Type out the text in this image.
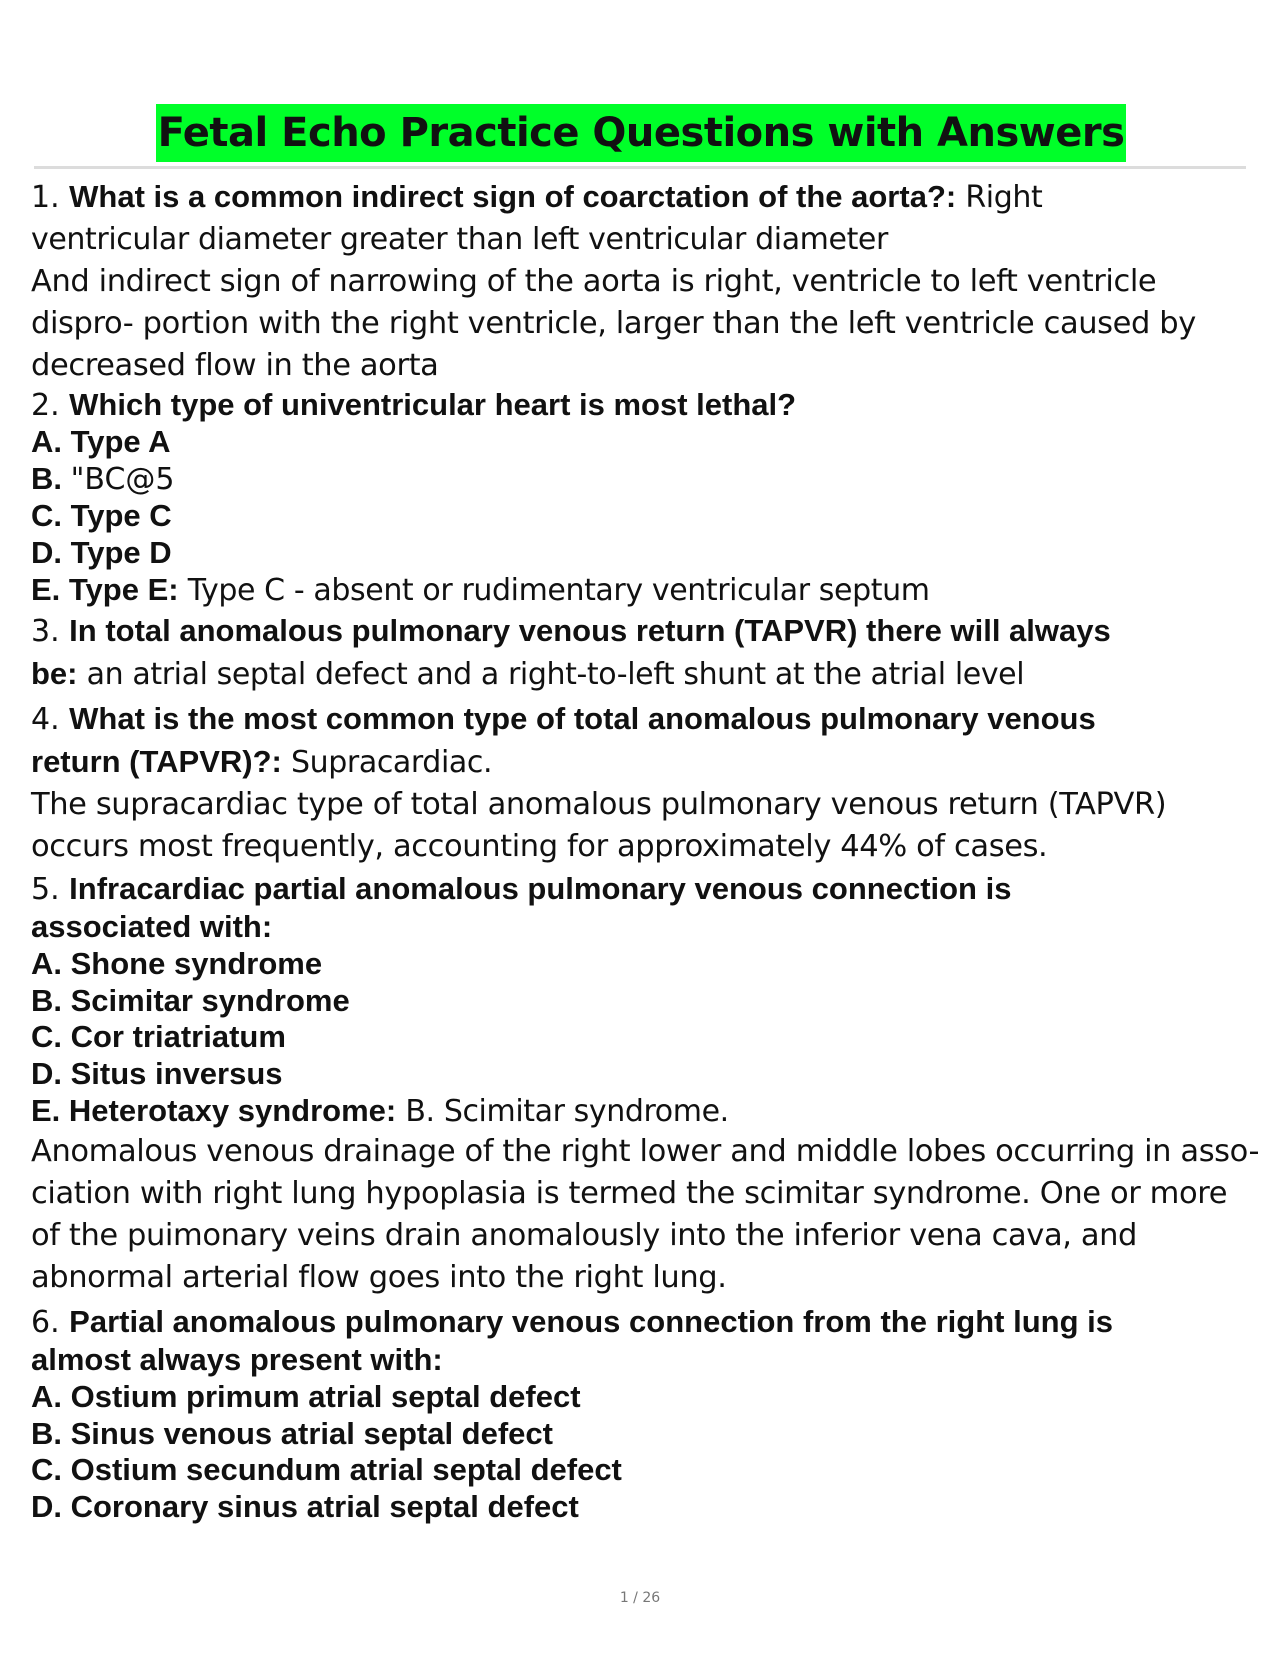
Fetal Echo Practice Questions with Answers

1. What is a common indirect sign of coarctation of the aorta?: Right ventricular diameter greater than left ventricular diameter

And indirect sign of narrowing of the aorta is right, ventricle to left ventricle dispro- portion with the right ventricle, larger than the left ventricle caused by decreased flow in the aorta

2. Which type of univentricular heart is most lethal?

A. Type A

B. "BC@5

C. Type C

D. Type D

E. Type E: Type C - absent or rudimentary ventricular septum

3. In total anomalous pulmonary venous return (TAPVR) there will always be: an atrial septal defect and a right-to-left shunt at the atrial level

4. What is the most common type of total anomalous pulmonary venous return (TAPVR)?: Supracardiac.

The supracardiac type of total anomalous pulmonary venous return (TAPVR) occurs most frequently, accounting for approximately 44% of cases.

5. Infracardiac partial anomalous pulmonary venous connection is associated with:

A. Shone syndrome

B. Scimitar syndrome

C. Cor triatriatum

D. Situs inversus

E. Heterotaxy syndrome: B. Scimitar syndrome.

Anomalous venous drainage of the right lower and middle lobes occurring in asso- ciation with right lung hypoplasia is termed the scimitar syndrome. One or more of the puimonary veins drain anomalously into the inferior vena cava, and abnormal arterial flow goes into the right lung.

6. Partial anomalous pulmonary venous connection from the right lung is almost always present with:

A. Ostium primum atrial septal defect

B. Sinus venous atrial septal defect

C. Ostium secundum atrial septal defect

D. Coronary sinus atrial septal defect

1 / 26
